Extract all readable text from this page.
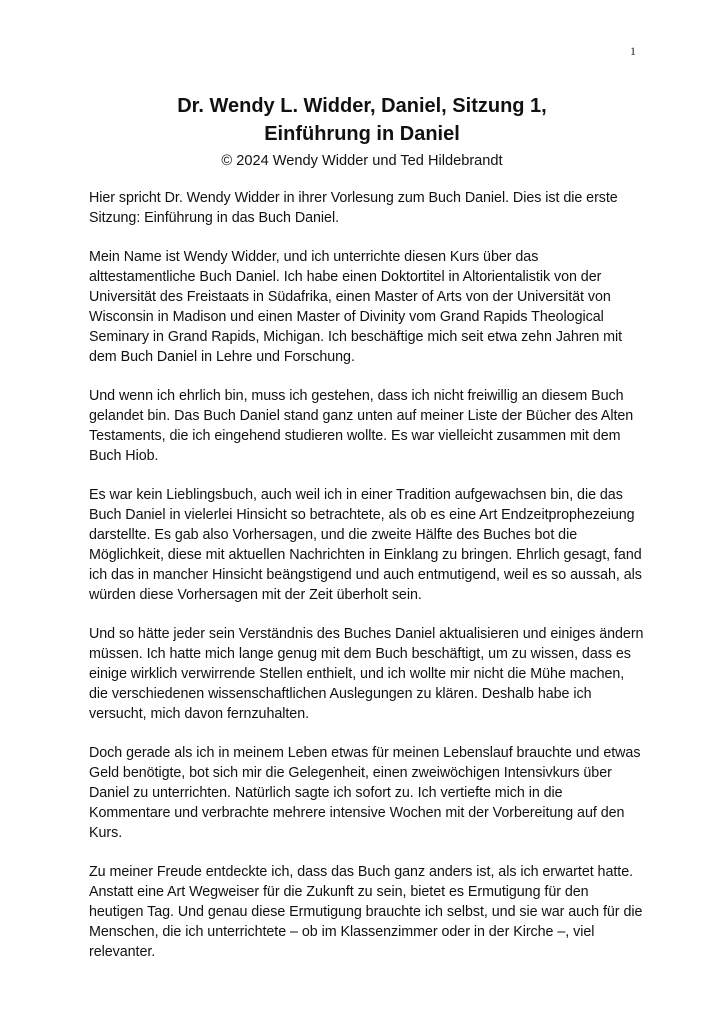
1
Dr. Wendy L. Widder, Daniel, Sitzung 1,
Einführung in Daniel
© 2024 Wendy Widder und Ted Hildebrandt

Hier spricht Dr. Wendy Widder in ihrer Vorlesung zum Buch Daniel. Dies ist die erste Sitzung: Einführung in das Buch Daniel.

Mein Name ist Wendy Widder, und ich unterrichte diesen Kurs über das alttestamentliche Buch Daniel. Ich habe einen Doktortitel in Altorientalistik von der Universität des Freistaats in Südafrika, einen Master of Arts von der Universität von Wisconsin in Madison und einen Master of Divinity vom Grand Rapids Theological Seminary in Grand Rapids, Michigan. Ich beschäftige mich seit etwa zehn Jahren mit dem Buch Daniel in Lehre und Forschung.

Und wenn ich ehrlich bin, muss ich gestehen, dass ich nicht freiwillig an diesem Buch gelandet bin. Das Buch Daniel stand ganz unten auf meiner Liste der Bücher des Alten Testaments, die ich eingehend studieren wollte. Es war vielleicht zusammen mit dem Buch Hiob.

Es war kein Lieblingsbuch, auch weil ich in einer Tradition aufgewachsen bin, die das Buch Daniel in vielerlei Hinsicht so betrachtete, als ob es eine Art Endzeitprophezeiung darstellte. Es gab also Vorhersagen, und die zweite Hälfte des Buches bot die Möglichkeit, diese mit aktuellen Nachrichten in Einklang zu bringen. Ehrlich gesagt, fand ich das in mancher Hinsicht beängstigend und auch entmutigend, weil es so aussah, als würden diese Vorhersagen mit der Zeit überholt sein.

Und so hätte jeder sein Verständnis des Buches Daniel aktualisieren und einiges ändern müssen. Ich hatte mich lange genug mit dem Buch beschäftigt, um zu wissen, dass es einige wirklich verwirrende Stellen enthielt, und ich wollte mir nicht die Mühe machen, die verschiedenen wissenschaftlichen Auslegungen zu klären. Deshalb habe ich versucht, mich davon fernzuhalten.

Doch gerade als ich in meinem Leben etwas für meinen Lebenslauf brauchte und etwas Geld benötigte, bot sich mir die Gelegenheit, einen zweiwöchigen Intensivkurs über Daniel zu unterrichten. Natürlich sagte ich sofort zu. Ich vertiefte mich in die Kommentare und verbrachte mehrere intensive Wochen mit der Vorbereitung auf den Kurs.

Zu meiner Freude entdeckte ich, dass das Buch ganz anders ist, als ich erwartet hatte. Anstatt eine Art Wegweiser für die Zukunft zu sein, bietet es Ermutigung für den heutigen Tag. Und genau diese Ermutigung brauchte ich selbst, und sie war auch für die Menschen, die ich unterrichtete – ob im Klassenzimmer oder in der Kirche –, viel relevanter.
